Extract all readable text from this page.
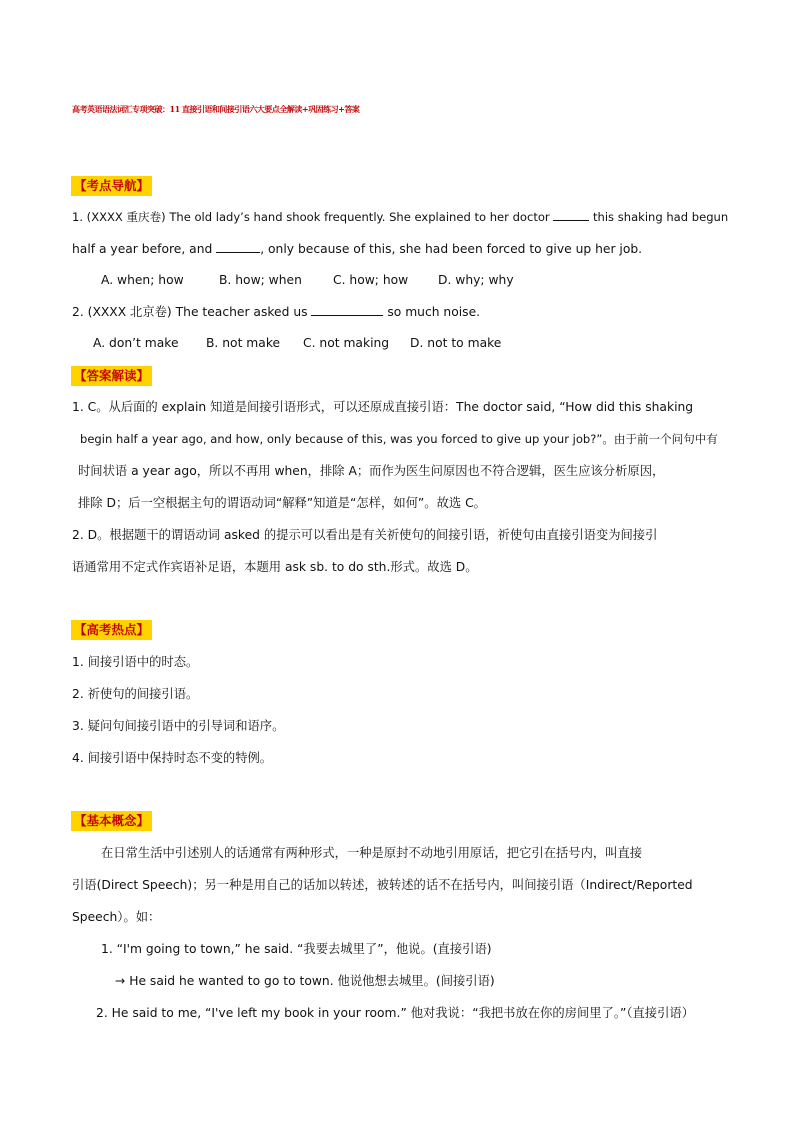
高考英语语法词汇专项突破：11 直接引语和间接引语六大要点全解读+巩固练习+答案
【考点导航】
1. (XXXX 重庆卷) The old lady’s hand shook frequently. She explained to her doctor	this shaking had begun
half a year before, and	, only because of this, she had been forced to give up her job.
A. when; how	B. how; when	C. how; how D. why; why
2. (XXXX 北京卷) The teacher asked us	so much noise.
A. don’t make B. not make C. not making D. not to make
【答案解读】
1. C。从后面的 explain 知道是间接引语形式，可以还原成直接引语：The doctor said, “How did this shaking
begin half a year ago, and how, only because of this, was you forced to give up your job?”。由于前一个问句中有
时间状语 a year ago，所以不再用 when，排除 A；而作为医生问原因也不符合逻辑，医生应该分析原因，
排除 D；后一空根据主句的谓语动词“解释”知道是“怎样，如何”。故选 C。
2. D。根据题干的谓语动词 asked 的提示可以看出是有关祈使句的间接引语，祈使句由直接引语变为间接引
语通常用不定式作宾语补足语，本题用 ask sb. to do sth.形式。故选 D。
【高考热点】
1. 间接引语中的时态。
2. 祈使句的间接引语。
3. 疑问句间接引语中的引导词和语序。
4. 间接引语中保持时态不变的特例。
【基本概念】
在日常生活中引述别人的话通常有两种形式，一种是原封不动地引用原话，把它引在括号内，叫直接
引语(Direct Speech)；另一种是用自己的话加以转述，被转述的话不在括号内，叫间接引语（Indirect/Reported
Speech）。如：
1. “I'm going to town,” he said. “我要去城里了”，他说。(直接引语)
→ He said he wanted to go to town. 他说他想去城里。(间接引语)
2. He said to me, “I've left my book in your room.” 他对我说：“我把书放在你的房间里了。”（直接引语）
